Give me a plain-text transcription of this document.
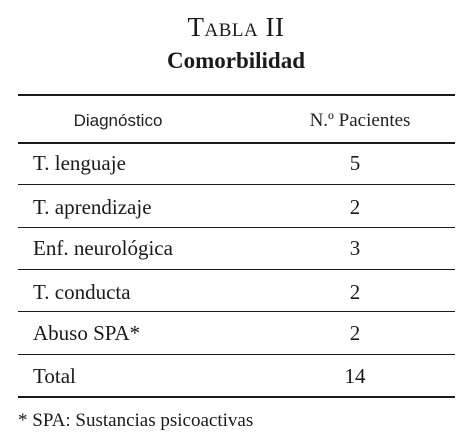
Tabla II
Comorbilidad
Diagnóstico	N.º Pacientes
T. lenguaje	5
T. aprendizaje	2
Enf. neurológica	3
T. conducta	2
Abuso SPA*	2
Total	14
* SPA: Sustancias psicoactivas
